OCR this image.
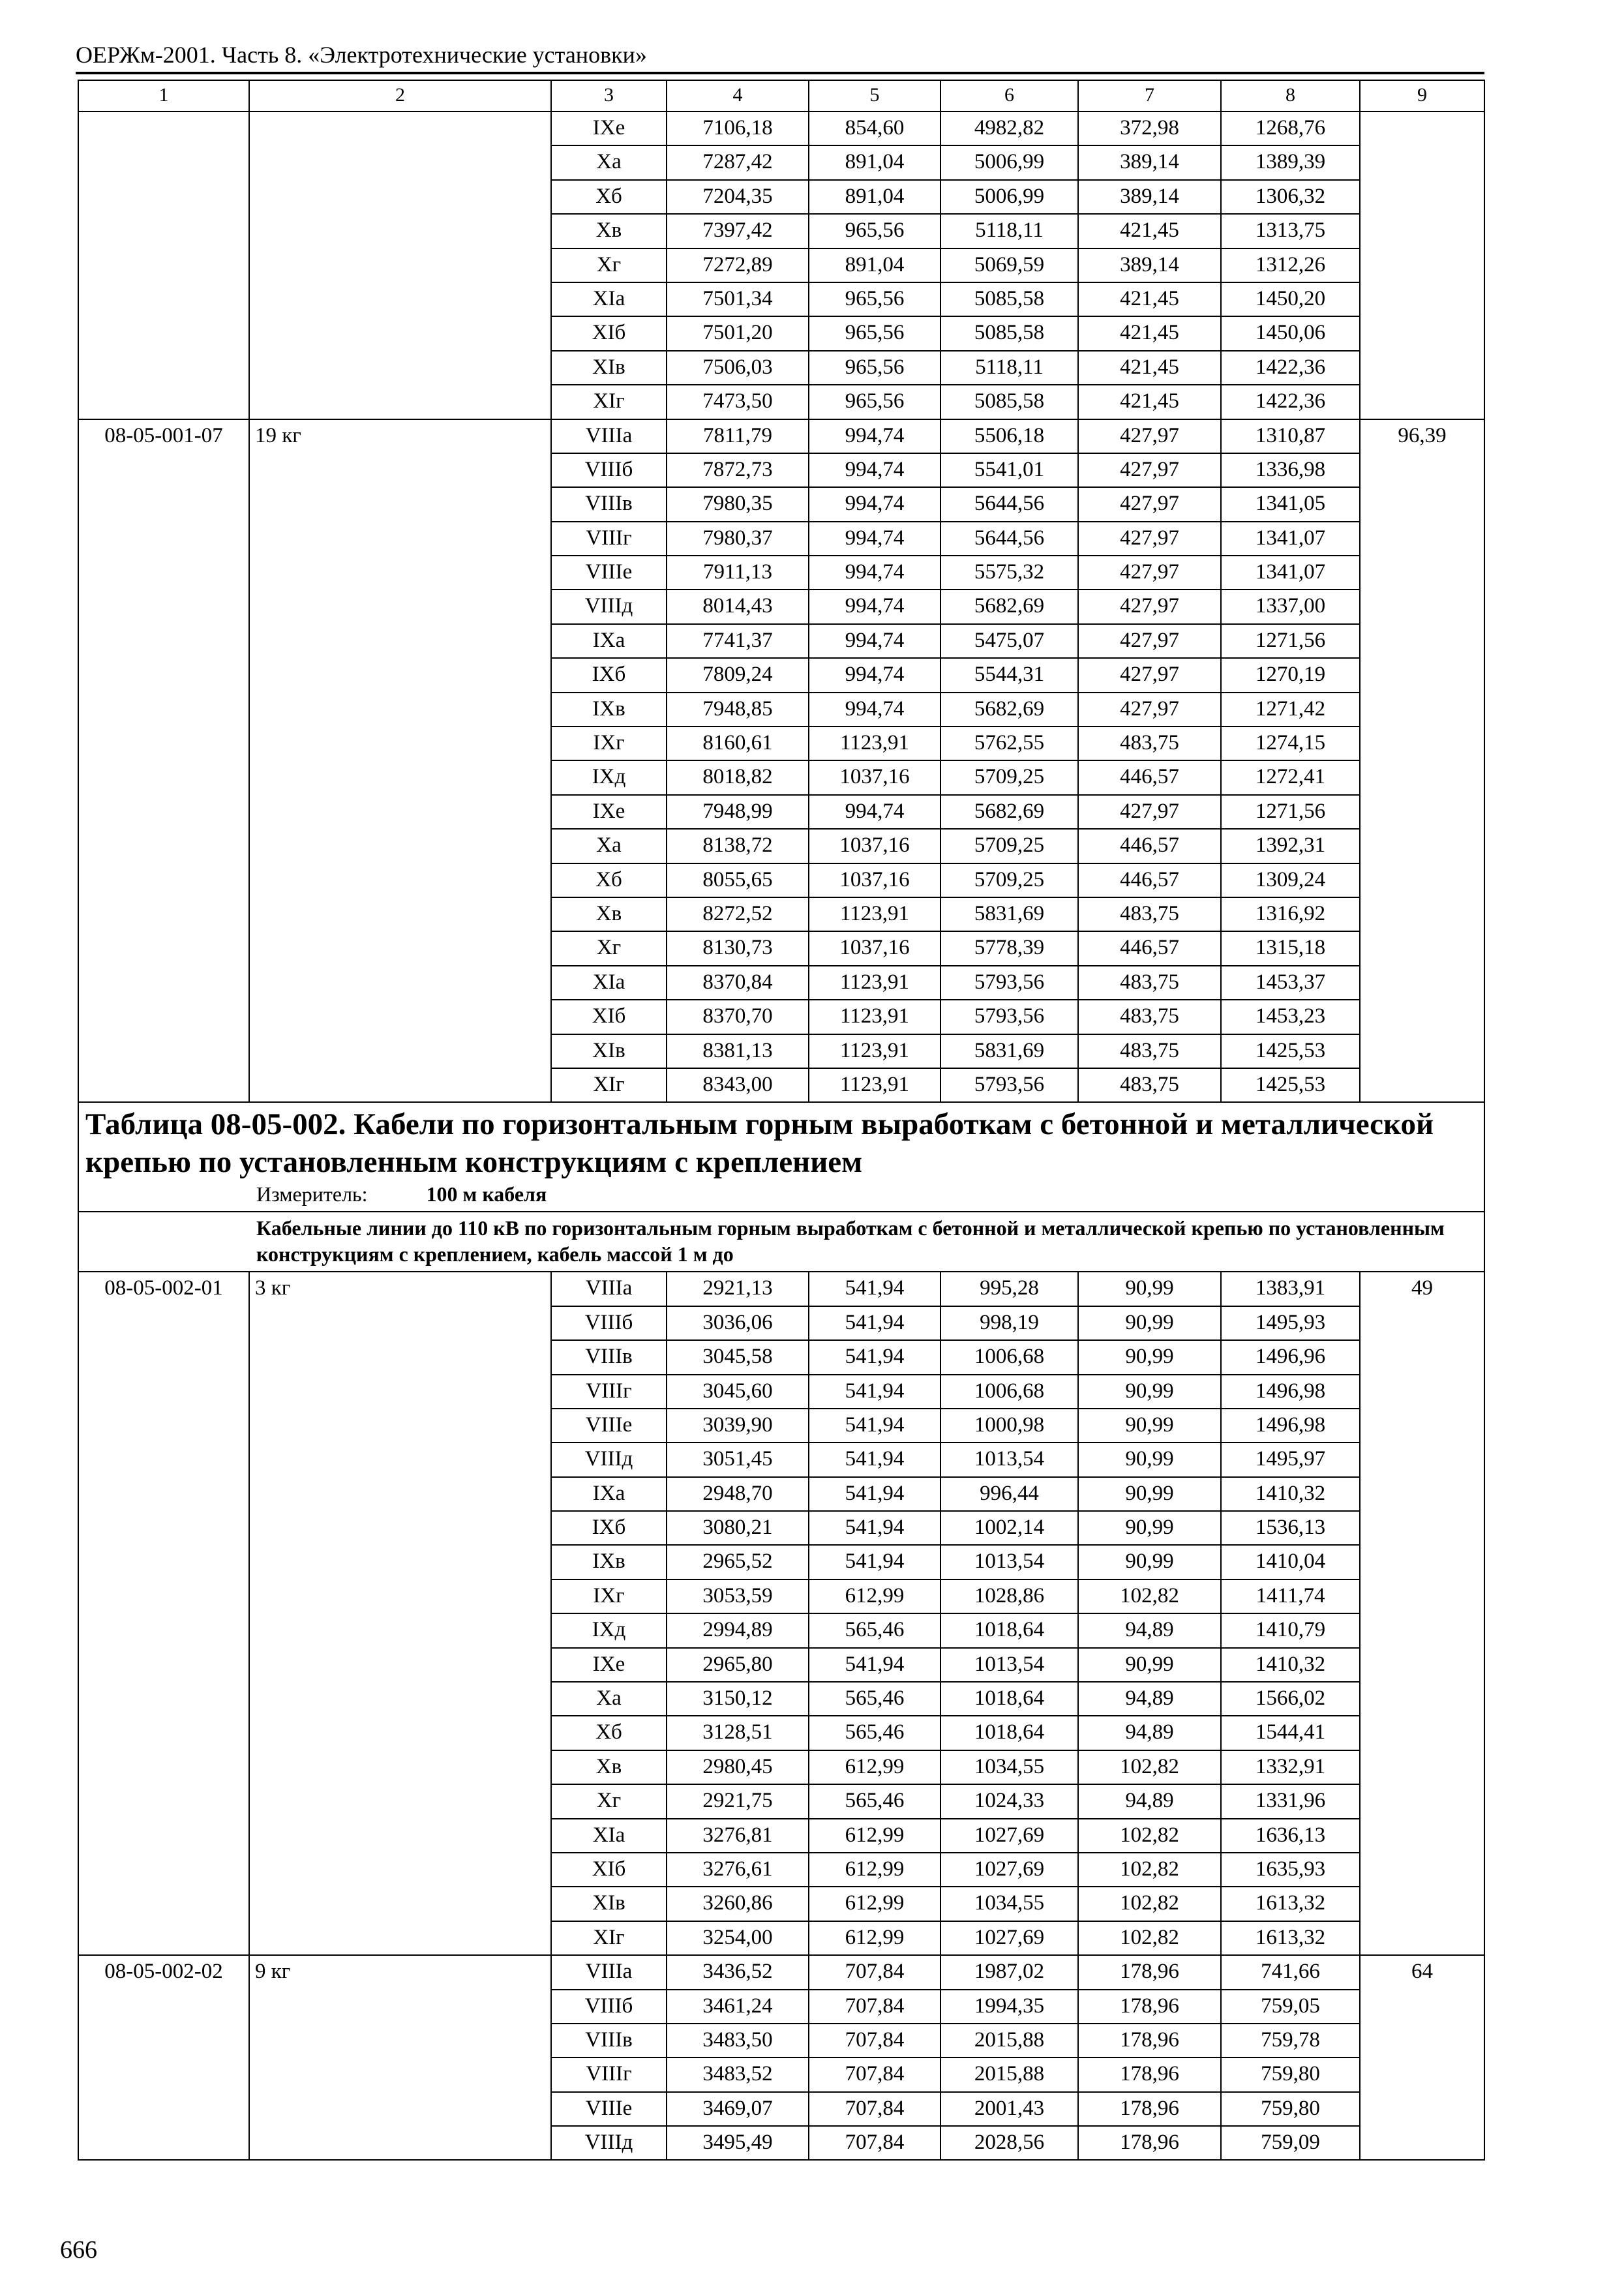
ОЕРЖм-2001. Часть 8. «Электротехнические установки»
1	2	3	4	5	6	7	8	9
		IXе	7106,18	854,60	4982,82	372,98	1268,76	
		Xа	7287,42	891,04	5006,99	389,14	1389,39	
		Xб	7204,35	891,04	5006,99	389,14	1306,32	
		Xв	7397,42	965,56	5118,11	421,45	1313,75	
		Xг	7272,89	891,04	5069,59	389,14	1312,26	
		XIа	7501,34	965,56	5085,58	421,45	1450,20	
		XIб	7501,20	965,56	5085,58	421,45	1450,06	
		XIв	7506,03	965,56	5118,11	421,45	1422,36	
		XIг	7473,50	965,56	5085,58	421,45	1422,36	
08-05-001-07	19 кг	VIIIа	7811,79	994,74	5506,18	427,97	1310,87	96,39
		VIIIб	7872,73	994,74	5541,01	427,97	1336,98	
		VIIIв	7980,35	994,74	5644,56	427,97	1341,05	
		VIIIг	7980,37	994,74	5644,56	427,97	1341,07	
		VIIIе	7911,13	994,74	5575,32	427,97	1341,07	
		VIIIд	8014,43	994,74	5682,69	427,97	1337,00	
		IXа	7741,37	994,74	5475,07	427,97	1271,56	
		IXб	7809,24	994,74	5544,31	427,97	1270,19	
		IXв	7948,85	994,74	5682,69	427,97	1271,42	
		IXг	8160,61	1123,91	5762,55	483,75	1274,15	
		IXд	8018,82	1037,16	5709,25	446,57	1272,41	
		IXе	7948,99	994,74	5682,69	427,97	1271,56	
		Xа	8138,72	1037,16	5709,25	446,57	1392,31	
		Xб	8055,65	1037,16	5709,25	446,57	1309,24	
		Xв	8272,52	1123,91	5831,69	483,75	1316,92	
		Xг	8130,73	1037,16	5778,39	446,57	1315,18	
		XIа	8370,84	1123,91	5793,56	483,75	1453,37	
		XIб	8370,70	1123,91	5793,56	483,75	1453,23	
		XIв	8381,13	1123,91	5831,69	483,75	1425,53	
		XIг	8343,00	1123,91	5793,56	483,75	1425,53	

Таблица 08-05-002. Кабели по горизонтальным горным выработкам с бетонной и металлической крепью по установленным конструкциям с креплением
Измеритель: 100 м кабеля								

Кабельные линии до 110 кВ по горизонтальным горным выработкам с бетонной и металлической крепью по установленным конструкциям с креплением, кабель массой 1 м до								

08-05-002-01	3 кг	VIIIа	2921,13	541,94	995,28	90,99	1383,91	49
		VIIIб	3036,06	541,94	998,19	90,99	1495,93	
		VIIIв	3045,58	541,94	1006,68	90,99	1496,96	
		VIIIг	3045,60	541,94	1006,68	90,99	1496,98	
		VIIIе	3039,90	541,94	1000,98	90,99	1496,98	
		VIIIд	3051,45	541,94	1013,54	90,99	1495,97	
		IXа	2948,70	541,94	996,44	90,99	1410,32	
		IXб	3080,21	541,94	1002,14	90,99	1536,13	
		IXв	2965,52	541,94	1013,54	90,99	1410,04	
		IXг	3053,59	612,99	1028,86	102,82	1411,74	
		IXд	2994,89	565,46	1018,64	94,89	1410,79	
		IXе	2965,80	541,94	1013,54	90,99	1410,32	
		Xа	3150,12	565,46	1018,64	94,89	1566,02	
		Xб	3128,51	565,46	1018,64	94,89	1544,41	
		Xв	2980,45	612,99	1034,55	102,82	1332,91	
		Xг	2921,75	565,46	1024,33	94,89	1331,96	
		XIа	3276,81	612,99	1027,69	102,82	1636,13	
		XIб	3276,61	612,99	1027,69	102,82	1635,93	
		XIв	3260,86	612,99	1034,55	102,82	1613,32	
		XIг	3254,00	612,99	1027,69	102,82	1613,32	
08-05-002-02	9 кг	VIIIа	3436,52	707,84	1987,02	178,96	741,66	64
		VIIIб	3461,24	707,84	1994,35	178,96	759,05	
		VIIIв	3483,50	707,84	2015,88	178,96	759,78	
		VIIIг	3483,52	707,84	2015,88	178,96	759,80	
		VIIIе	3469,07	707,84	2001,43	178,96	759,80	
		VIIIд	3495,49	707,84	2028,56	178,96	759,09	
666
